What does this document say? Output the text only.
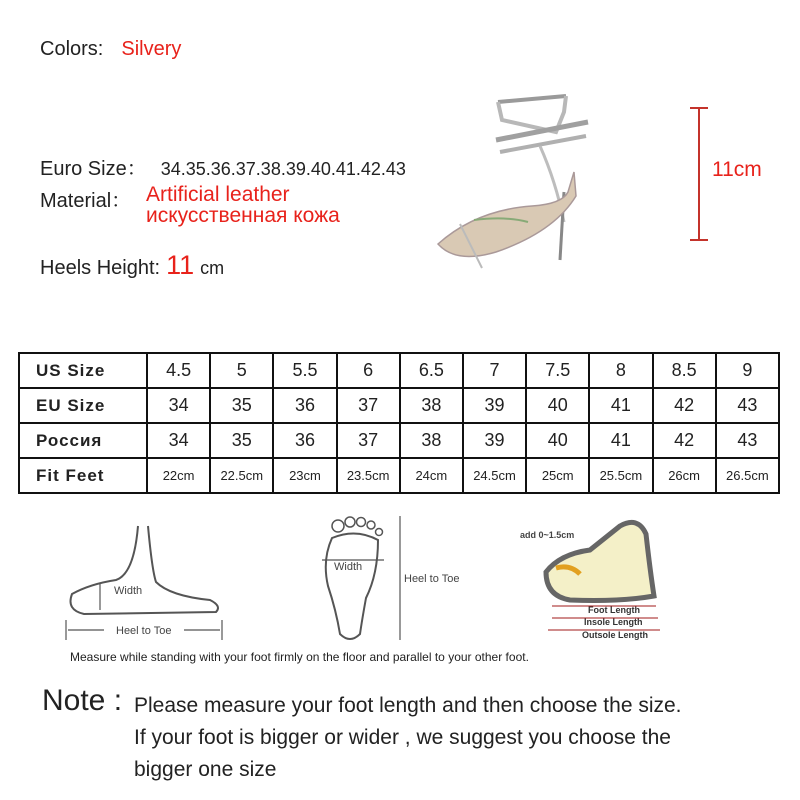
Colors: Silvery
Euro Size： 34.35.36.37.38.39.40.41.42.43
Material： Artificial leather
искусственная кожа
Heels Height: 11 cm
11cm
US Size	4.5	5	5.5	6	6.5	7	7.5	8	8.5	9
EU Size	34	35	36	37	38	39	40	41	42	43
Россия	34	35	36	37	38	39	40	41	42	43
Fit Feet	22cm	22.5cm	23cm	23.5cm	24cm	24.5cm	25cm	25.5cm	26cm	26.5cm
Width
Heel to Toe
Width
Heel to Toe
add 0~1.5cm
Foot Length
Insole Length
Outsole Length
Measure while standing with your foot firmly on the floor and parallel to your other foot.
Note : Please measure your foot length and then choose the size.
If your foot is bigger or wider , we suggest you choose the
bigger one size
